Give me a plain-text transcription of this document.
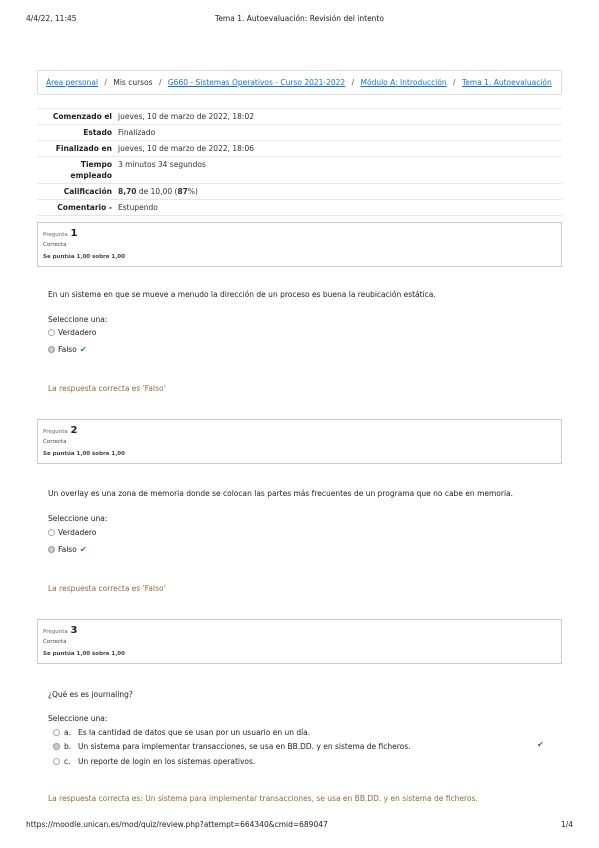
4/4/22, 11:45	Tema 1. Autoevaluación: Revisión del intento
Área personal / Mis cursos / G660 - Sistemas Operativos - Curso 2021-2022 / Módulo A: Introducción / Tema 1. Autoevaluación
Comenzado el	jueves, 10 de marzo de 2022, 18:02
Estado	Finalizado
Finalizado en	jueves, 10 de marzo de 2022, 18:06
Tiempo empleado	3 minutos 34 segundos
Calificación	8,70 de 10,00 (87%)
Comentario -	Estupendo
Pregunta 1
Correcta
Se puntúa 1,00 sobre 1,00
En un sistema en que se mueve a menudo la dirección de un proceso es buena la reubicación estática.
Seleccione una:
Verdadero
Falso ✔
La respuesta correcta es 'Falso'
Pregunta 2
Correcta
Se puntúa 1,00 sobre 1,00
Un overlay es una zona de memoria donde se colocan las partes más frecuentes de un programa que no cabe en memoria.
Seleccione una:
Verdadero
Falso ✔
La respuesta correcta es 'Falso'
Pregunta 3
Correcta
Se puntúa 1,00 sobre 1,00
¿Qué es es journaling?
Seleccione una:
a. Es la cantidad de datos que se usan por un usuario en un día.
b. Un sistema para implementar transacciones, se usa en BB.DD. y en sistema de ficheros.	✔
c. Un reporte de login en los sistemas operativos.
La respuesta correcta es: Un sistema para implementar transacciones, se usa en BB.DD. y en sistema de ficheros.
https://moodle.unican.es/mod/quiz/review.php?attempt=664340&cmid=689047	1/4
